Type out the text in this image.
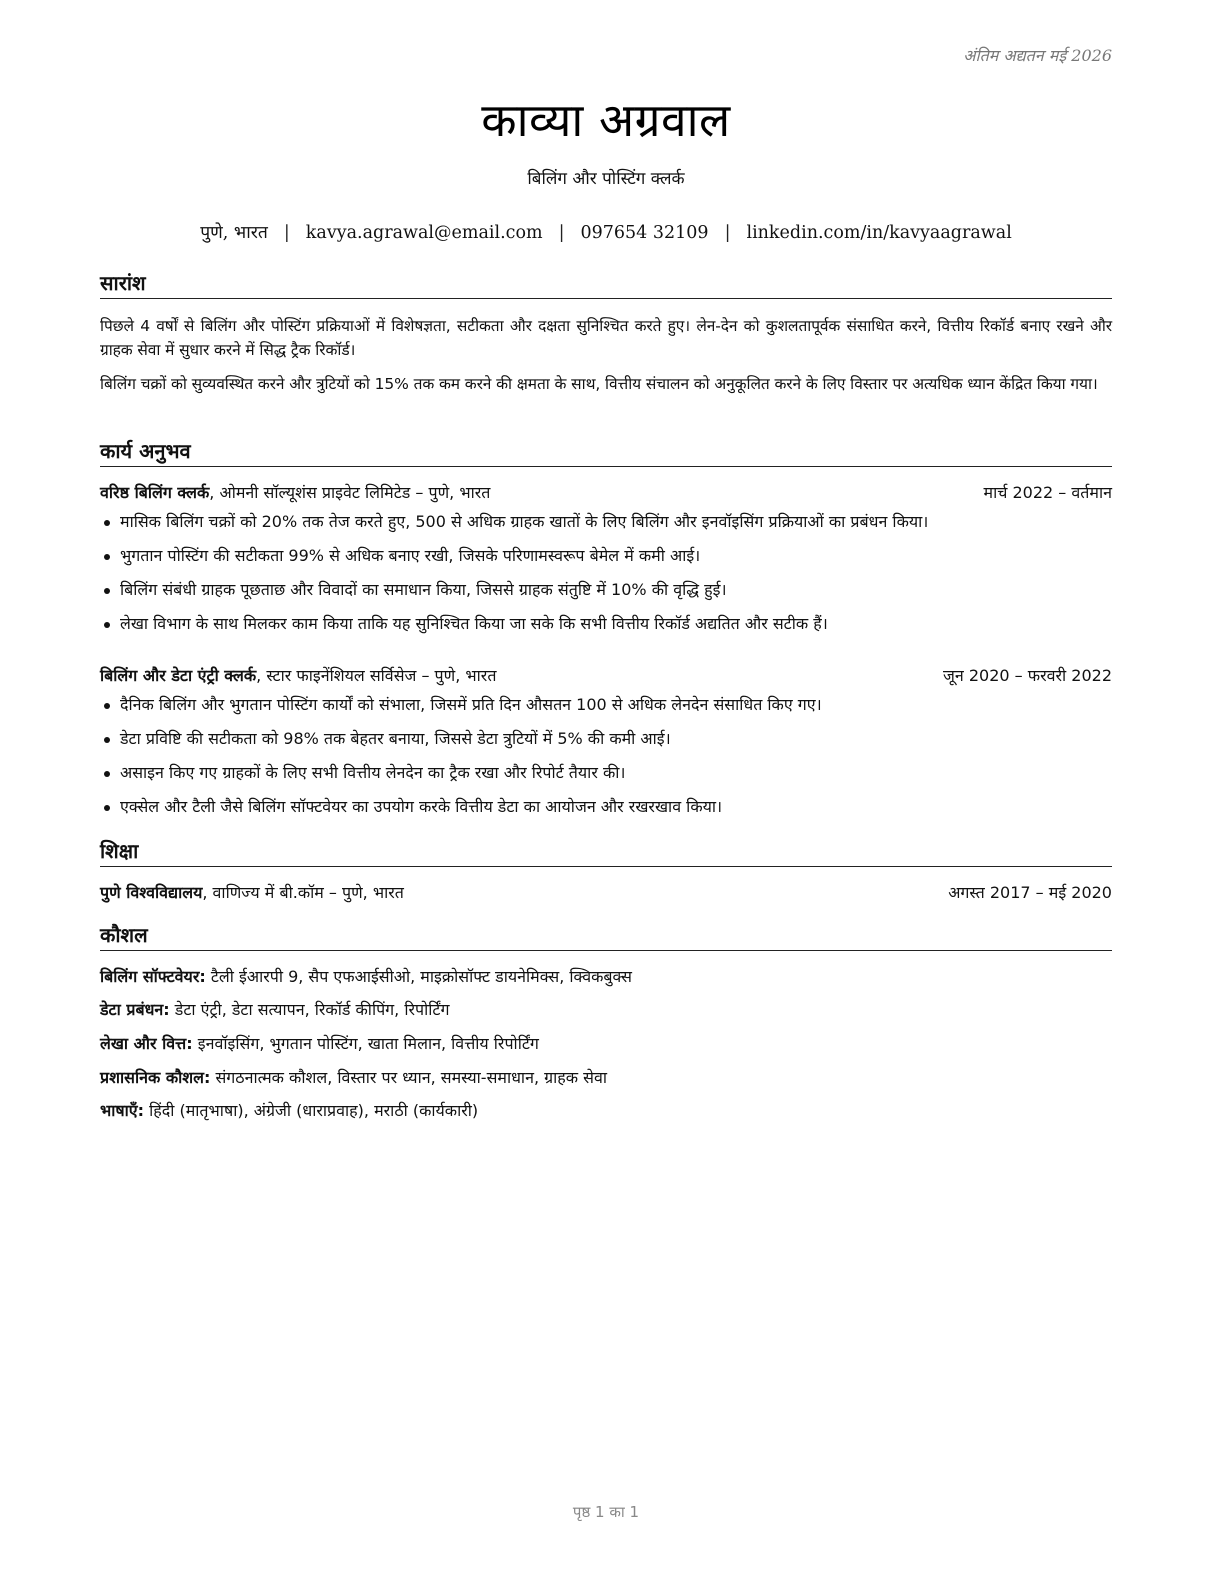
अंतिम अद्यतन मई 2026
काव्या अग्रवाल
बिलिंग और पोस्टिंग क्लर्क
पुणे, भारत | kavya.agrawal@email.com | 097654 32109 | linkedin.com/in/kavyaagrawal
सारांश
पिछले 4 वर्षों से बिलिंग और पोस्टिंग प्रक्रियाओं में विशेषज्ञता, सटीकता और दक्षता सुनिश्चित करते हुए। लेन-देन को कुशलतापूर्वक संसाधित करने, वित्तीय रिकॉर्ड बनाए रखने और ग्राहक सेवा में सुधार करने में सिद्ध ट्रैक रिकॉर्ड।
बिलिंग चक्रों को सुव्यवस्थित करने और त्रुटियों को 15% तक कम करने की क्षमता के साथ, वित्तीय संचालन को अनुकूलित करने के लिए विस्तार पर अत्यधिक ध्यान केंद्रित किया गया।
कार्य अनुभव
वरिष्ठ बिलिंग क्लर्क, ओमनी सॉल्यूशंस प्राइवेट लिमिटेड – पुणे, भारत	मार्च 2022 – वर्तमान
मासिक बिलिंग चक्रों को 20% तक तेज करते हुए, 500 से अधिक ग्राहक खातों के लिए बिलिंग और इनवॉइसिंग प्रक्रियाओं का प्रबंधन किया।
भुगतान पोस्टिंग की सटीकता 99% से अधिक बनाए रखी, जिसके परिणामस्वरूप बेमेल में कमी आई।
बिलिंग संबंधी ग्राहक पूछताछ और विवादों का समाधान किया, जिससे ग्राहक संतुष्टि में 10% की वृद्धि हुई।
लेखा विभाग के साथ मिलकर काम किया ताकि यह सुनिश्चित किया जा सके कि सभी वित्तीय रिकॉर्ड अद्यतित और सटीक हैं।
बिलिंग और डेटा एंट्री क्लर्क, स्टार फाइनेंशियल सर्विसेज – पुणे, भारत	जून 2020 – फरवरी 2022
दैनिक बिलिंग और भुगतान पोस्टिंग कार्यों को संभाला, जिसमें प्रति दिन औसतन 100 से अधिक लेनदेन संसाधित किए गए।
डेटा प्रविष्टि की सटीकता को 98% तक बेहतर बनाया, जिससे डेटा त्रुटियों में 5% की कमी आई।
असाइन किए गए ग्राहकों के लिए सभी वित्तीय लेनदेन का ट्रैक रखा और रिपोर्ट तैयार की।
एक्सेल और टैली जैसे बिलिंग सॉफ्टवेयर का उपयोग करके वित्तीय डेटा का आयोजन और रखरखाव किया।
शिक्षा
पुणे विश्वविद्यालय, वाणिज्य में बी.कॉम – पुणे, भारत	अगस्त 2017 – मई 2020
कौशल
बिलिंग सॉफ्टवेयर: टैली ईआरपी 9, सैप एफआईसीओ, माइक्रोसॉफ्ट डायनेमिक्स, क्विकबुक्स
डेटा प्रबंधन: डेटा एंट्री, डेटा सत्यापन, रिकॉर्ड कीपिंग, रिपोर्टिंग
लेखा और वित्त: इनवॉइसिंग, भुगतान पोस्टिंग, खाता मिलान, वित्तीय रिपोर्टिंग
प्रशासनिक कौशल: संगठनात्मक कौशल, विस्तार पर ध्यान, समस्या-समाधान, ग्राहक सेवा
भाषाएँ: हिंदी (मातृभाषा), अंग्रेजी (धाराप्रवाह), मराठी (कार्यकारी)
पृष्ठ 1 का 1
